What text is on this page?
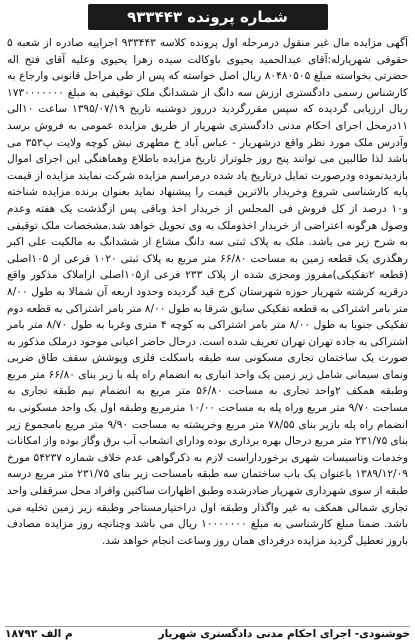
شماره پرونده ۹۳۳۴۴۳

آگهی مزایده مال غیر منقول درمرحله اول پرونده کلاسه ۹۳۳۴۴۳ اجراییه صادره از شعبه ۵ حقوقی شهریارله:آقای عبدالحمید یحیوی باوکالت سیده زهرا یحیوی وعلیه آقای فتح اله حضرتی بخواسته مبلغ ۸۰۴۸۰۵۰۵ ریال اصل خواسته که پس از طی مراحل قانونی وارجاع به کارشناس رسمی دادگستری ارزش سه دانگ از ششدانگ ملک توقیفی به مبلغ ۱۷۳۰۰۰۰۰۰۰ ریال ارزیابی گردیده که سپس مقررگردید درروز دوشنبه تاریخ ۱۳۹۵/۰۷/۱۹ ساعت ۱۰الی ۱۱درمحل اجرای احکام مدنی دادگستری شهریار از طریق مزایده عمومی به فروش برسد وآدرس ملک مورد نظر واقع درشهریار - عباس آباد خ مطهری نبش کوچه ولایت پ۳۵۳ می باشد لذا طالبین می توانند پنج روز جلوتراز تاریخ مزایده باطلاع وهماهنگی این اجرای اموال بازدیدنموده ودرصورت تمایل درتاریخ یاد شده درمراسم مزایده شرکت نمایند مزایده از قیمت پایه کارشناسی شروع وخریدار بالاترین قیمت را پیشنهاد نماید بعنوان برنده مزایده شناخته و۱۰ درصد از کل فروش فی المجلس از خریدار اخذ وباقی پس ازگذشت یک هفته وعدم وصول هرگونه اعتراضی از خریدار اخذوملک به وی تحویل خواهد شد.مشخصات ملک توقیفی به شرح زیر می باشد. ملک به پلاک ثبتی سه دانگ مشاع از ششدانگ به مالکیت علی اکبر رهگذری یک قطعه زمین به مساحت ۶۶/۸۰ متر مربع به پلاک ثبتی ۱۰۲۰ فرعی از ۱۰۵اصلی (قطعه ۲تفکیکی)مفروز ومجزی شده از پلاک ۲۳۳ فرعی از۱۰۵اصلی ازاملاک مذکور واقع درقریه کرشته شهریار حوزه شهرستان کرج قید گردیده وحدود اربعه آن شمالا به طول ۸/۰۰ متر بامر اشتراکی به قطعه تفکیکی سابق شرقا به طول ۸/۰۰ متر بامر اشتراکی به قطعه دوم تفکیکی جنوبا به طول ۸/۰۰ متر بامر اشتراکی به کوچه ۴ متری وغربا به طول ۸/۷۰ متر بامر اشتراکی به جاده تهران تهران تعریف شده است. درحال حاضر اعیانی موجود درملک مذکور به صورت یک ساختمان تجاری مسکونی سه طبقه باسکلت فلزی وپوشش سقف طاق ضربی ونمای سیمانی شامل زیر زمین یک واحد انباری به انضمام راه پله با زیر بنای ۶۶/۸۰ متر مربع وطبقه همکف ۲واحد تجاری به مساحت ۵۶/۸۰ متر مربع به انضمام نیم طبقه تجاری به مساحت ۹/۷۰ متر مربع وراه پله به مساحت ۱۰/۰۰ مترمربع وطبقه اول یک واحد مسکونی به انضمام راه پله بازیر بنای ۷۸/۵۵ متر مربع وخرپشته به مساحت ۹/۹۰ متر مربع بامجموع زیر بنای ۲۳۱/۷۵ متر مربع درحال بهره برداری بوده ودارای انشعاب آب برق وگاز بوده واز امکانات وخدمات وتاسیسات شهری برخورداراست لازم به ذکرگواهی عدم خلاف شماره ۵۴۲۳۷ مورخ ۱۳۸۹/۱۲/۰۹ باعنوان یک باب ساختمان سه طبقه بامساحت زیر بنای ۲۳۱/۷۵ متر مربع درسه طبقه از سوی شهرداری شهریار صادرشده وطبق اظهارات ساکنین وافراد محل سرقفلی واحد تجاری شمالی همکف به غیر واگذار وطبقه اول دراختیارمستاجر وطبقه زیر زمین تخلیه می باشد. ضمنا مبلغ کارشناسی به مبلغ ۱۰۰۰۰۰۰۰ ریال می باشد وچنانچه روز مزایده مصادف باروز تعطیل گردید مزایده درفردای همان روز وساعت انجام خواهد شد.

خوشنودی- اجرای احکام مدنی دادگستری شهریار
م الف ۱۸۷۹۲
